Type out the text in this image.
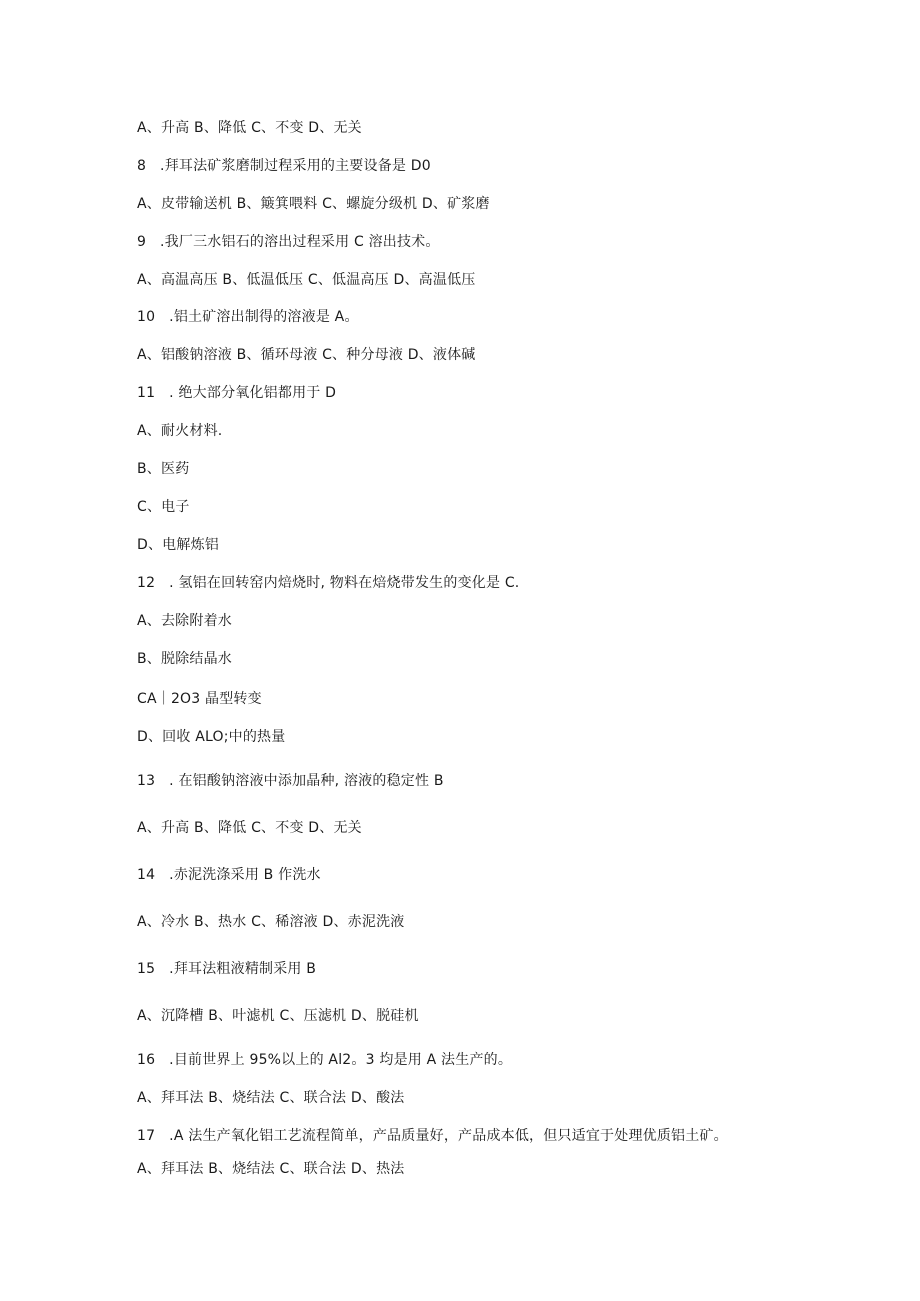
A、升高 B、降低 C、不变 D、无关
8   .拜耳法矿浆磨制过程采用的主要设备是 D0
A、皮带输送机 B、簸箕喂料 C、螺旋分级机 D、矿浆磨
9   .我厂三水铝石的溶出过程采用 C 溶出技术。
A、高温高压 B、低温低压 C、低温高压 D、高温低压
10   .铝土矿溶出制得的溶液是 A。
A、铝酸钠溶液 B、循环母液 C、种分母液 D、液体碱
11   . 绝大部分氧化铝都用于 D
A、耐火材料.
B、医药
C、电子
D、电解炼铝
12   . 氢铝在回转窑内焙烧时, 物料在焙烧带发生的变化是 C.
A、去除附着水
B、脱除结晶水
CA｜2O3 晶型转变
D、回收 ALO;中的热量
13   . 在铝酸钠溶液中添加晶种, 溶液的稳定性 B
A、升高 B、降低 C、不变 D、无关
14   .赤泥洗涤采用 B 作洗水
A、冷水 B、热水 C、稀溶液 D、赤泥洗液
15   .拜耳法粗液精制采用 B
A、沉降槽 B、叶滤机 C、压滤机 D、脱硅机
16   .目前世界上 95%以上的 Al2。3 均是用 A 法生产的。
A、拜耳法 B、烧结法 C、联合法 D、酸法
17   .A 法生产氧化铝工艺流程简单，产品质量好，产品成本低，但只适宜于处理优质铝土矿。
A、拜耳法 B、烧结法 C、联合法 D、热法
